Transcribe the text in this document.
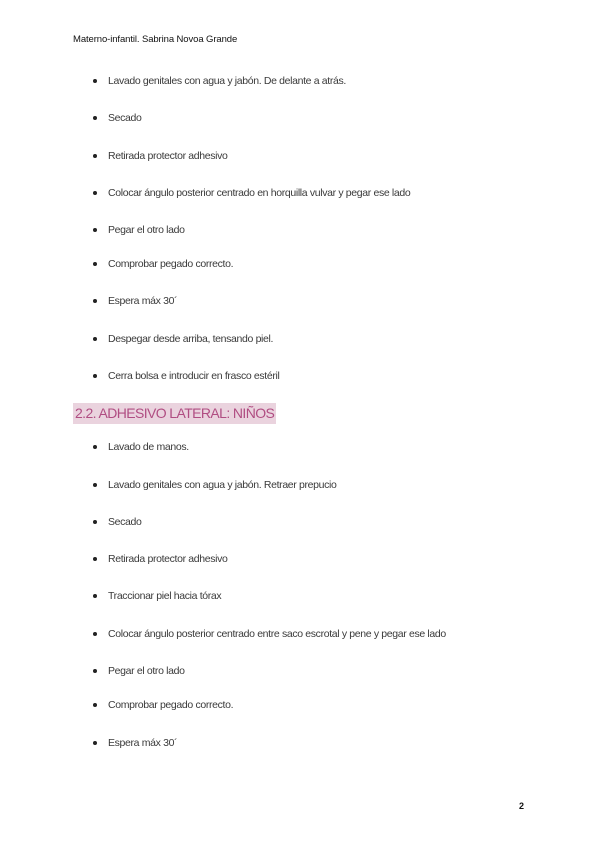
Materno-infantil. Sabrina Novoa Grande
Lavado genitales con agua y jabón. De delante a atrás.
Secado
Retirada protector adhesivo
Colocar ángulo posterior centrado en horquilla vulvar y pegar ese lado
Pegar el otro lado
Comprobar pegado correcto.
Espera máx 30´
Despegar desde arriba, tensando piel.
Cerra bolsa e introducir en frasco estéril
2.2. ADHESIVO LATERAL: NIÑOS
Lavado de manos.
Lavado genitales con agua y jabón. Retraer prepucio
Secado
Retirada protector adhesivo
Traccionar piel hacia tórax
Colocar ángulo posterior centrado entre saco escrotal y pene y pegar ese lado
Pegar el otro lado
Comprobar pegado correcto.
Espera máx 30´
2
